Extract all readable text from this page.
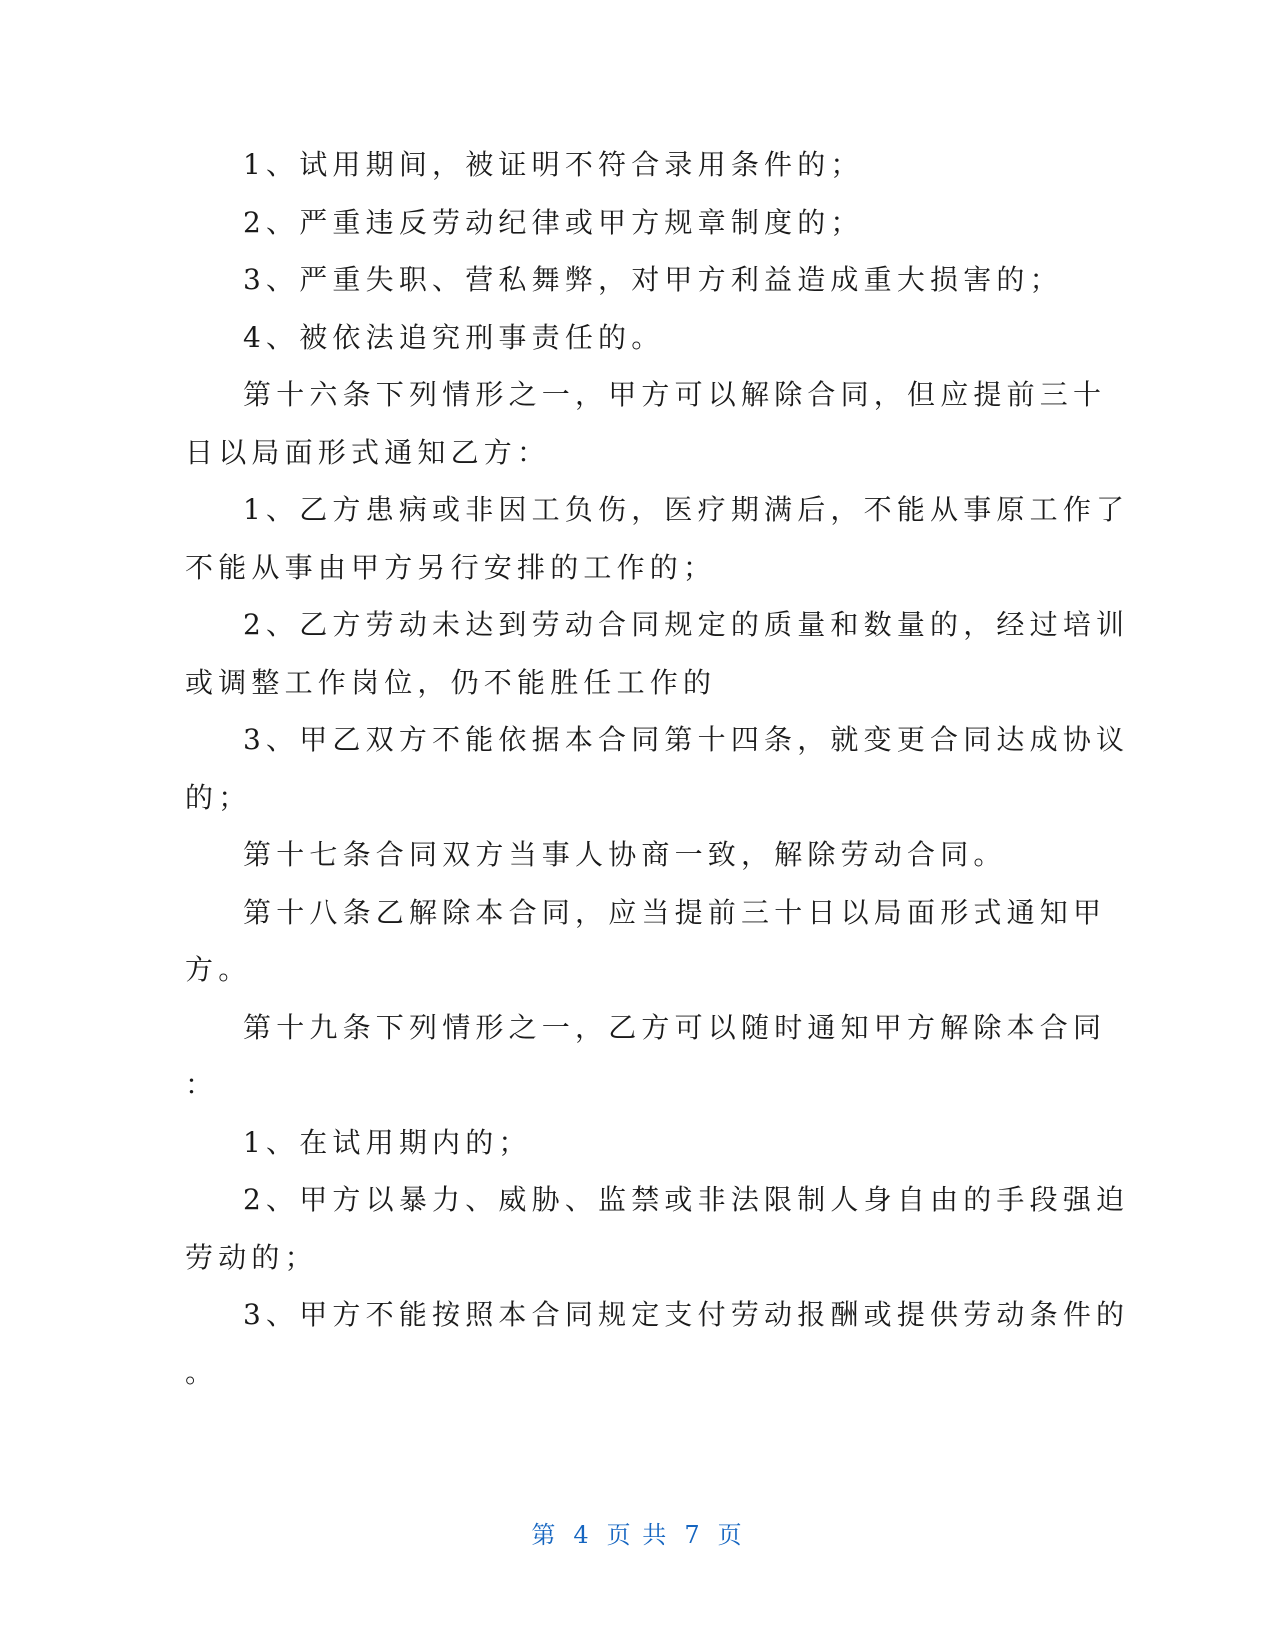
1、试用期间，被证明不符合录用条件的；
2、严重违反劳动纪律或甲方规章制度的；
3、严重失职、营私舞弊，对甲方利益造成重大损害的；
4、被依法追究刑事责任的。
第十六条下列情形之一，甲方可以解除合同，但应提前三十
日以局面形式通知乙方：
1、乙方患病或非因工负伤，医疗期满后，不能从事原工作了
不能从事由甲方另行安排的工作的；
2、乙方劳动未达到劳动合同规定的质量和数量的，经过培训
或调整工作岗位，仍不能胜任工作的
3、甲乙双方不能依据本合同第十四条，就变更合同达成协议
的；
第十七条合同双方当事人协商一致，解除劳动合同。
第十八条乙解除本合同，应当提前三十日以局面形式通知甲
方。
第十九条下列情形之一，乙方可以随时通知甲方解除本合同
：
1、在试用期内的；
2、甲方以暴力、威胁、监禁或非法限制人身自由的手段强迫
劳动的；
3、甲方不能按照本合同规定支付劳动报酬或提供劳动条件的
。
第 4 页 共 7 页
